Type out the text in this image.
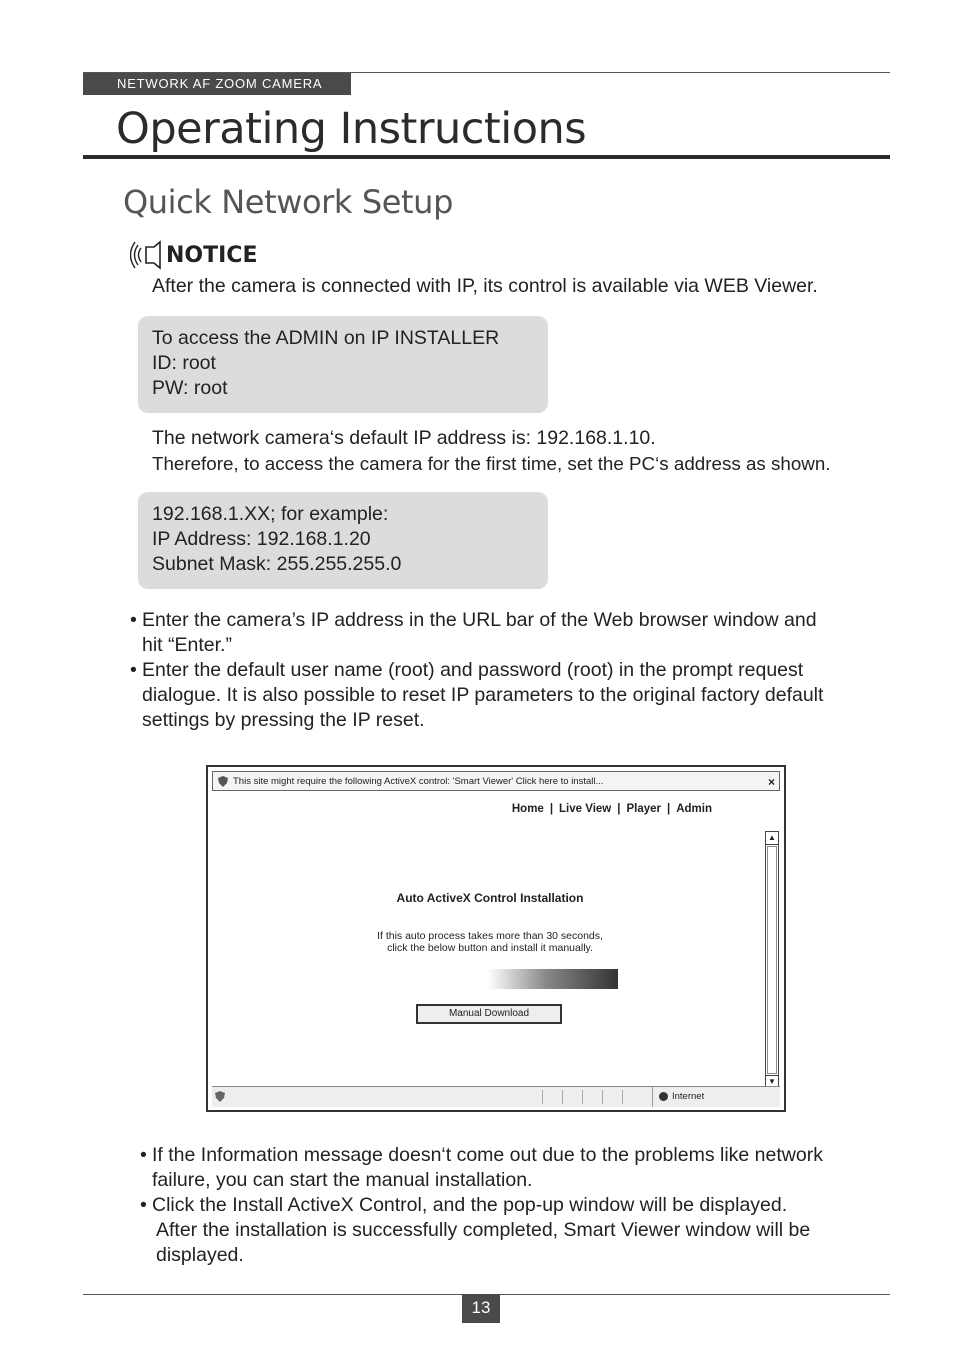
NETWORK AF ZOOM CAMERA
Operating Instructions
Quick Network Setup
NOTICE
After the camera is connected with IP, its control is available via WEB Viewer.
To access the ADMIN on IP INSTALLER
ID: root
PW: root
The network camera‘s default IP address is: 192.168.1.10.
Therefore, to access the camera for the first time, set the PC‘s address as shown.
192.168.1.XX; for example:
IP Address: 192.168.1.20
Subnet Mask: 255.255.255.0
• Enter the camera’s IP address in the URL bar of the Web browser window and
hit “Enter.”
• Enter the default user name (root) and password (root) in the prompt request
dialogue. It is also possible to reset IP parameters to the original factory default
settings by pressing the IP reset.
This site might require the following ActiveX control: 'Smart Viewer' Click here to install...	×
Home | Live View | Player | Admin
▲
▼
Auto ActiveX Control Installation
If this auto process takes more than 30 seconds,
click the below button and install it manually.
Manual Download
Internet
• If the Information message doesn‘t come out due to the problems like network
failure, you can start the manual installation.
• Click the Install ActiveX Control, and the pop-up window will be displayed.
After the installation is successfully completed, Smart Viewer window will be
displayed.
13
